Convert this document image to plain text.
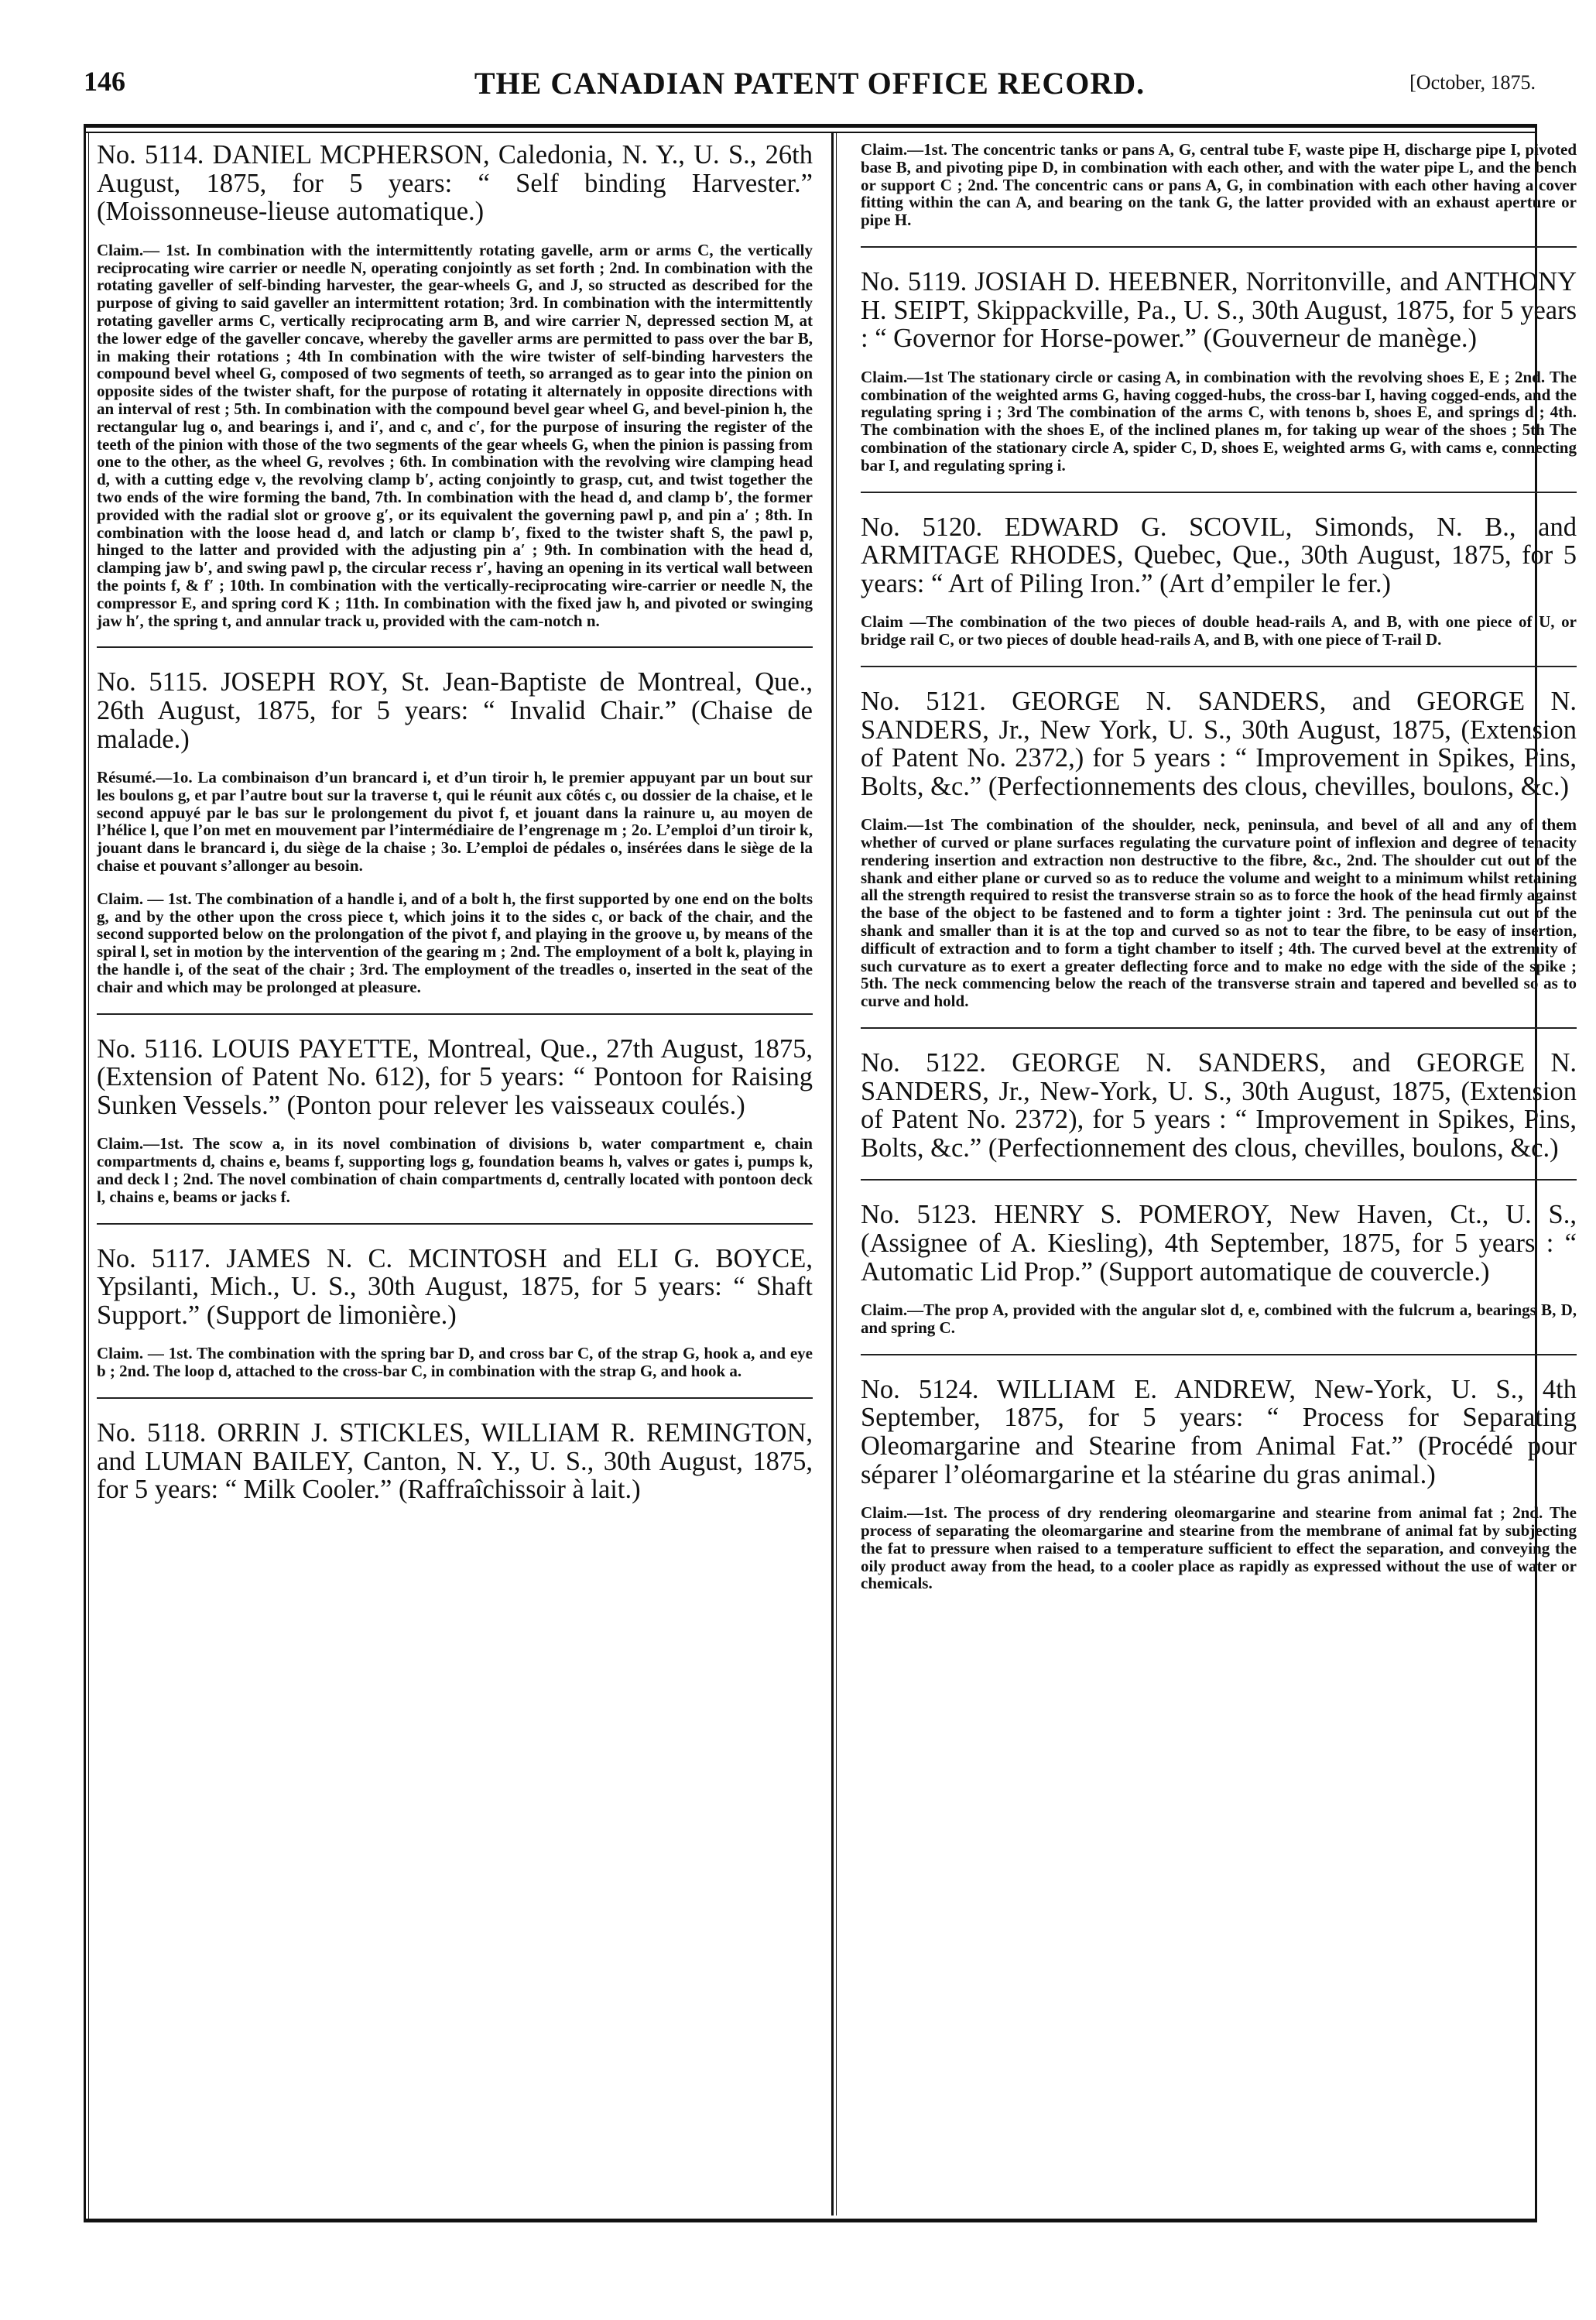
146	THE CANADIAN PATENT OFFICE RECORD.	[October, 1875.

No. 5114. DANIEL MCPHERSON, Caledonia, N. Y., U. S., 26th August, 1875, for 5 years: “ Self binding Harvester.” (Moissonneuse-lieuse automatique.)

Claim.— 1st. In combination with the intermittently rotating gavelle, arm or arms C, the vertically reciprocating wire carrier or needle N, operating conjointly as set forth ; 2nd. In combination with the rotating gaveller of self-binding harvester, the gear-wheels G, and J, so structed as described for the purpose of giving to said gaveller an intermittent rotation; 3rd. In combination with the intermittently rotating gaveller arms C, vertically reciprocating arm B, and wire carrier N, depressed section M, at the lower edge of the gaveller concave, whereby the gaveller arms are permitted to pass over the bar B, in making their rotations ; 4th In combination with the wire twister of self-binding harvesters the compound bevel wheel G, composed of two segments of teeth, so arranged as to gear into the pinion on opposite sides of the twister shaft, for the purpose of rotating it alternately in opposite directions with an interval of rest ; 5th. In combination with the compound bevel gear wheel G, and bevel-pinion h, the rectangular lug o, and bearings i, and i′, and c, and c′, for the purpose of insuring the register of the teeth of the pinion with those of the two segments of the gear wheels G, when the pinion is passing from one to the other, as the wheel G, revolves ; 6th. In combination with the revolving wire clamping head d, with a cutting edge v, the revolving clamp b′, acting conjointly to grasp, cut, and twist together the two ends of the wire forming the band, 7th. In combination with the head d, and clamp b′, the former provided with the radial slot or groove g′, or its equivalent the governing pawl p, and pin a′ ; 8th. In combination with the loose head d, and latch or clamp b′, fixed to the twister shaft S, the pawl p, hinged to the latter and provided with the adjusting pin a′ ; 9th. In combination with the head d, clamping jaw b′, and swing pawl p, the circular recess r′, having an opening in its vertical wall between the points f, & f′ ; 10th. In combination with the vertically-reciprocating wire-carrier or needle N, the compressor E, and spring cord K ; 11th. In combination with the fixed jaw h, and pivoted or swinging jaw h′, the spring t, and annular track u, provided with the cam-notch n.

No. 5115. JOSEPH ROY, St. Jean-Baptiste de Montreal, Que., 26th August, 1875, for 5 years: “ Invalid Chair.” (Chaise de malade.)

Résumé.—1o. La combinaison d’un brancard i, et d’un tiroir h, le premier appuyant par un bout sur les boulons g, et par l’autre bout sur la traverse t, qui le réunit aux côtés c, ou dossier de la chaise, et le second appuyé par le bas sur le prolongement du pivot f, et jouant dans la rainure u, au moyen de l’hélice l, que l’on met en mouvement par l’intermédiaire de l’engrenage m ; 2o. L’emploi d’un tiroir k, jouant dans le brancard i, du siège de la chaise ; 3o. L’emploi de pédales o, insérées dans le siège de la chaise et pouvant s’allonger au besoin.

Claim. — 1st. The combination of a handle i, and of a bolt h, the first supported by one end on the bolts g, and by the other upon the cross piece t, which joins it to the sides c, or back of the chair, and the second supported below on the prolongation of the pivot f, and playing in the groove u, by means of the spiral l, set in motion by the intervention of the gearing m ; 2nd. The employment of a bolt k, playing in the handle i, of the seat of the chair ; 3rd. The employment of the treadles o, inserted in the seat of the chair and which may be prolonged at pleasure.

No. 5116. LOUIS PAYETTE, Montreal, Que., 27th August, 1875, (Extension of Patent No. 612), for 5 years: “ Pontoon for Raising Sunken Vessels.” (Ponton pour relever les vaisseaux coulés.)

Claim.—1st. The scow a, in its novel combination of divisions b, water compartment e, chain compartments d, chains e, beams f, supporting logs g, foundation beams h, valves or gates i, pumps k, and deck l ; 2nd. The novel combination of chain compartments d, centrally located with pontoon deck l, chains e, beams or jacks f.

No. 5117. JAMES N. C. MCINTOSH and ELI G. BOYCE, Ypsilanti, Mich., U. S., 30th August, 1875, for 5 years: “ Shaft Support.” (Support de limonière.)

Claim. — 1st. The combination with the spring bar D, and cross bar C, of the strap G, hook a, and eye b ; 2nd. The loop d, attached to the cross-bar C, in combination with the strap G, and hook a.

No. 5118. ORRIN J. STICKLES, WILLIAM R. REMINGTON, and LUMAN BAILEY, Canton, N. Y., U. S., 30th August, 1875, for 5 years: “ Milk Cooler.” (Raffraîchissoir à lait.)

Claim.—1st. The concentric tanks or pans A, G, central tube F, waste pipe H, discharge pipe I, pivoted base B, and pivoting pipe D, in combination with each other, and with the water pipe L, and the bench or support C ; 2nd. The concentric cans or pans A, G, in combination with each other having a cover fitting within the can A, and bearing on the tank G, the latter provided with an exhaust aperture or pipe H.

No. 5119. JOSIAH D. HEEBNER, Norritonville, and ANTHONY H. SEIPT, Skippackville, Pa., U. S., 30th August, 1875, for 5 years : “ Governor for Horse-power.” (Gouverneur de manège.)

Claim.—1st The stationary circle or casing A, in combination with the revolving shoes E, E ; 2nd. The combination of the weighted arms G, having cogged-hubs, the cross-bar I, having cogged-ends, and the regulating spring i ; 3rd The combination of the arms C, with tenons b, shoes E, and springs d ; 4th. The combination with the shoes E, of the inclined planes m, for taking up wear of the shoes ; 5th The combination of the stationary circle A, spider C, D, shoes E, weighted arms G, with cams e, connecting bar I, and regulating spring i.

No. 5120. EDWARD G. SCOVIL, Simonds, N. B., and ARMITAGE RHODES, Quebec, Que., 30th August, 1875, for 5 years: “ Art of Piling Iron.” (Art d’empiler le fer.)

Claim —The combination of the two pieces of double head-rails A, and B, with one piece of U, or bridge rail C, or two pieces of double head-rails A, and B, with one piece of T-rail D.

No. 5121. GEORGE N. SANDERS, and GEORGE N. SANDERS, Jr., New York, U. S., 30th August, 1875, (Extension of Patent No. 2372,) for 5 years : “ Improvement in Spikes, Pins, Bolts, &c.” (Perfectionnements des clous, chevilles, boulons, &c.)

Claim.—1st The combination of the shoulder, neck, peninsula, and bevel of all and any of them whether of curved or plane surfaces regulating the curvature point of inflexion and degree of tenacity rendering insertion and extraction non destructive to the fibre, &c., 2nd. The shoulder cut out of the shank and either plane or curved so as to reduce the volume and weight to a minimum whilst retaining all the strength required to resist the transverse strain so as to force the hook of the head firmly against the base of the object to be fastened and to form a tighter joint : 3rd. The peninsula cut out of the shank and smaller than it is at the top and curved so as not to tear the fibre, to be easy of insertion, difficult of extraction and to form a tight chamber to itself ; 4th. The curved bevel at the extremity of such curvature as to exert a greater deflecting force and to make no edge with the side of the spike ; 5th. The neck commencing below the reach of the transverse strain and tapered and bevelled so as to curve and hold.

No. 5122. GEORGE N. SANDERS, and GEORGE N. SANDERS, Jr., New-York, U. S., 30th August, 1875, (Extension of Patent No. 2372), for 5 years : “ Improvement in Spikes, Pins, Bolts, &c.” (Perfectionnement des clous, chevilles, boulons, &c.)

No. 5123. HENRY S. POMEROY, New Haven, Ct., U. S., (Assignee of A. Kiesling), 4th September, 1875, for 5 years : “ Automatic Lid Prop.” (Support automatique de couvercle.)

Claim.—The prop A, provided with the angular slot d, e, combined with the fulcrum a, bearings B, D, and spring C.

No. 5124. WILLIAM E. ANDREW, New-York, U. S., 4th September, 1875, for 5 years: “ Process for Separating Oleomargarine and Stearine from Animal Fat.” (Procédé pour séparer l’oléomargarine et la stéarine du gras animal.)

Claim.—1st. The process of dry rendering oleomargarine and stearine from animal fat ; 2nd. The process of separating the oleomargarine and stearine from the membrane of animal fat by subjecting the fat to pressure when raised to a temperature sufficient to effect the separation, and conveying the oily product away from the head, to a cooler place as rapidly as expressed without the use of water or chemicals.
